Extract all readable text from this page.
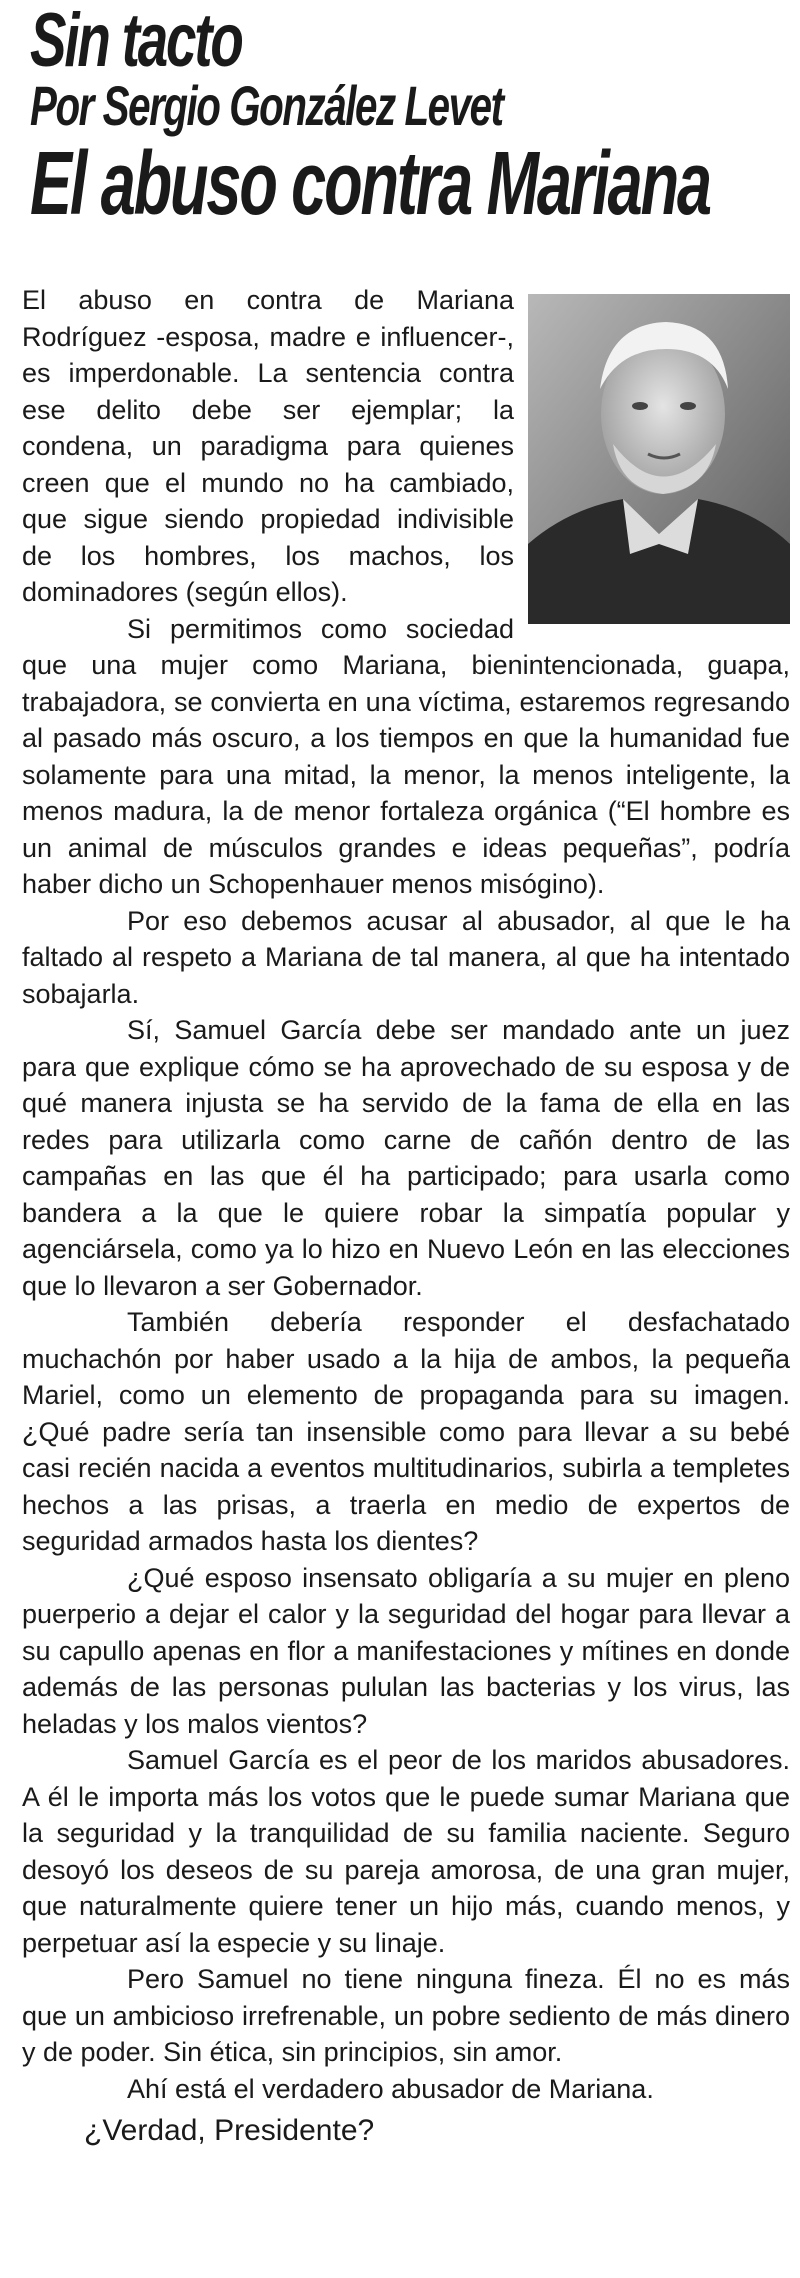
Sin tacto
Por Sergio González Levet
El abuso contra Mariana

El abuso en contra de Mariana Rodríguez -esposa, madre e influencer-, es imperdonable. La sentencia contra ese delito debe ser ejemplar; la condena, un paradigma para quienes creen que el mundo no ha cambiado, que sigue siendo propiedad indivisible de los hombres, los machos, los dominadores (según ellos).

Si permitimos como sociedad que una mujer como Mariana, bienintencionada, guapa, trabajadora, se convierta en una víctima, estaremos regresando al pasado más oscuro, a los tiempos en que la humanidad fue solamente para una mitad, la menor, la menos inteligente, la menos madura, la de menor fortaleza orgánica (“El hombre es un animal de músculos grandes e ideas pequeñas”, podría haber dicho un Schopenhauer menos misógino).

Por eso debemos acusar al abusador, al que le ha faltado al respeto a Mariana de tal manera, al que ha intentado sobajarla.

Sí, Samuel García debe ser mandado ante un juez para que explique cómo se ha aprovechado de su esposa y de qué manera injusta se ha servido de la fama de ella en las redes para utilizarla como carne de cañón dentro de las campañas en las que él ha participado; para usarla como bandera a la que le quiere robar la simpatía popular y agenciársela, como ya lo hizo en Nuevo León en las elecciones que lo llevaron a ser Gobernador.

También debería responder el desfachatado muchachón por haber usado a la hija de ambos, la pequeña Mariel, como un elemento de propaganda para su imagen. ¿Qué padre sería tan insensible como para llevar a su bebé casi recién nacida a eventos multitudinarios, subirla a templetes hechos a las prisas, a traerla en medio de expertos de seguridad armados hasta los dientes?

¿Qué esposo insensato obligaría a su mujer en pleno puerperio a dejar el calor y la seguridad del hogar para llevar a su capullo apenas en flor a manifestaciones y mítines en donde además de las personas pululan las bacterias y los virus, las heladas y los malos vientos?

Samuel García es el peor de los maridos abusadores. A él le importa más los votos que le puede sumar Mariana que la seguridad y la tranquilidad de su familia naciente. Seguro desoyó los deseos de su pareja amorosa, de una gran mujer, que naturalmente quiere tener un hijo más, cuando menos, y perpetuar así la especie y su linaje.

Pero Samuel no tiene ninguna fineza. Él no es más que un ambicioso irrefrenable, un pobre sediento de más dinero y de poder. Sin ética, sin principios, sin amor.

Ahí está el verdadero abusador de Mariana.

¿Verdad, Presidente?
